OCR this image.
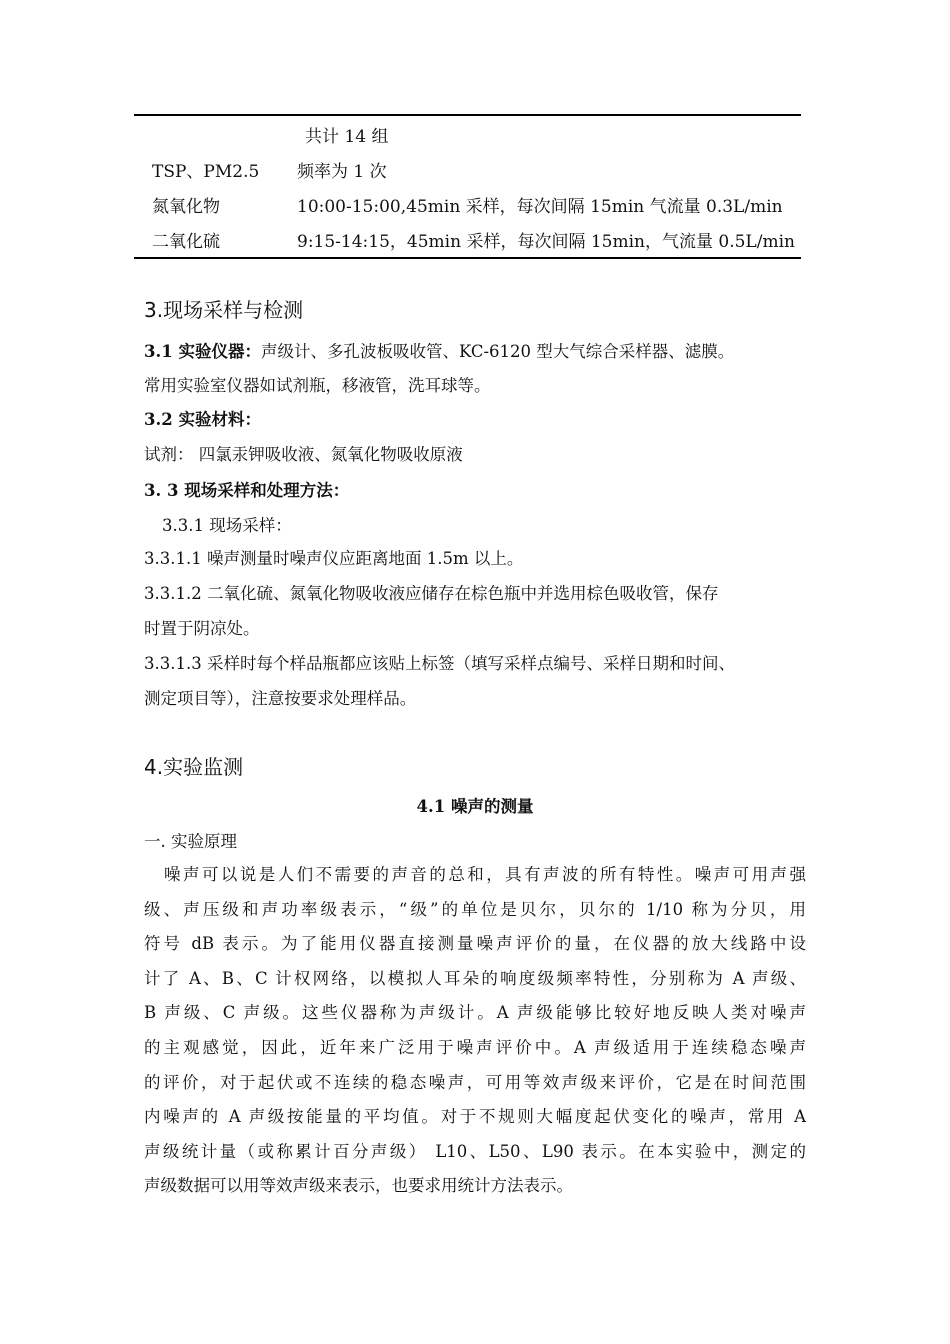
共计 14 组
TSP、PM2.5 频率为 1 次
氮氧化物	10:00-15:00,45min 采样，每次间隔 15min 气流量 0.3L/min
二氧化硫	9:15-14:15，45min 采样，每次间隔 15min，气流量 0.5L/min
3.现场采样与检测
3.1 实验仪器：声级计、多孔波板吸收管、KC-6120 型大气综合采样器、滤膜。
常用实验室仪器如试剂瓶，移液管，洗耳球等。
3.2 实验材料：
试剂： 四氯汞钾吸收液、氮氧化物吸收原液
3. 3 现场采样和处理方法：
3.3.1 现场采样：
3.3.1.1 噪声测量时噪声仪应距离地面 1.5m 以上。
3.3.1.2 二氧化硫、氮氧化物吸收液应储存在棕色瓶中并选用棕色吸收管，保存
时置于阴凉处。
3.3.1.3 采样时每个样品瓶都应该贴上标签（填写采样点编号、采样日期和时间、
测定项目等），注意按要求处理样品。
4.实验监测
4.1 噪声的测量
一. 实验原理
噪声可以说是人们不需要的声音的总和，具有声波的所有特性。噪声可用声强
级、声压级和声功率级表示，“级”的单位是贝尔，贝尔的 1/10 称为分贝，用
符号 dB 表示。为了能用仪器直接测量噪声评价的量，在仪器的放大线路中设
计了 A、B、C 计权网络，以模拟人耳朵的响度级频率特性，分别称为 A 声级、
B 声级、C 声级。这些仪器称为声级计。A 声级能够比较好地反映人类对噪声
的主观感觉，因此，近年来广泛用于噪声评价中。A 声级适用于连续稳态噪声
的评价，对于起伏或不连续的稳态噪声，可用等效声级来评价，它是在时间范围
内噪声的 A 声级按能量的平均值。对于不规则大幅度起伏变化的噪声，常用 A
声级统计量（或称累计百分声级） L10、L50、L90 表示。在本实验中，测定的
声级数据可以用等效声级来表示，也要求用统计方法表示。
